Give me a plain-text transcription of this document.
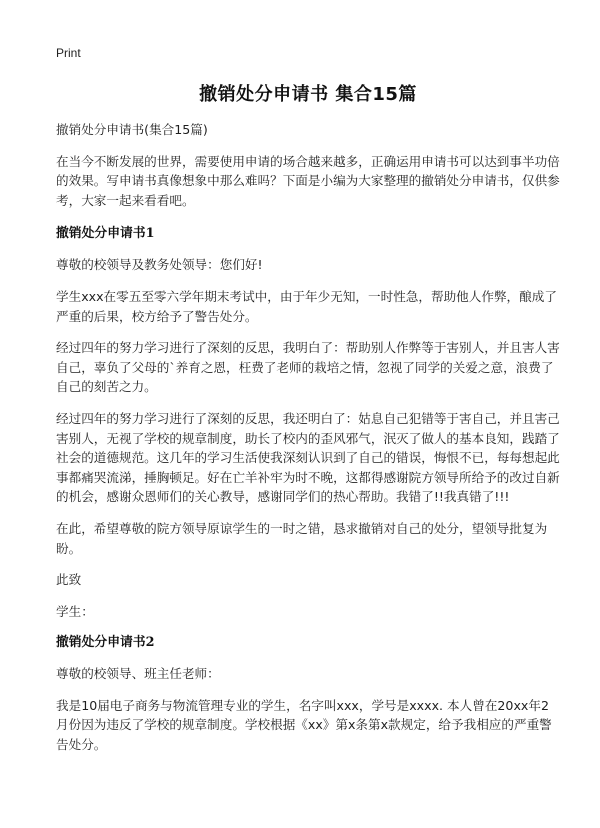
Print
撤销处分申请书 集合15篇

撤销处分申请书(集合15篇)

在当今不断发展的世界，需要使用申请的场合越来越多，正确运用申请书可以达到事半功倍的效果。写申请书真像想象中那么难吗？下面是小编为大家整理的撤销处分申请书，仅供参考，大家一起来看看吧。

撤销处分申请书1

尊敬的校领导及教务处领导：您们好!

学生xxx在零五至零六学年期末考试中，由于年少无知，一时性急，帮助他人作弊，酿成了严重的后果，校方给予了警告处分。

经过四年的努力学习进行了深刻的反思，我明白了：帮助别人作弊等于害别人，并且害人害自己，辜负了父母的`养育之恩，枉费了老师的栽培之情，忽视了同学的关爱之意，浪费了自己的刻苦之力。

经过四年的努力学习进行了深刻的反思，我还明白了：姑息自己犯错等于害自己，并且害己害别人，无视了学校的规章制度，助长了校内的歪风邪气，泯灭了做人的基本良知，践踏了社会的道德规范。这几年的学习生活使我深刻认识到了自己的错误，悔恨不已，每每想起此事都痛哭流涕，捶胸顿足。好在亡羊补牢为时不晚，这都得感谢院方领导所给予的改过自新的机会，感谢众恩师们的关心教导，感谢同学们的热心帮助。我错了!!我真错了!!!

在此，希望尊敬的院方领导原谅学生的一时之错，恳求撤销对自己的处分，望领导批复为盼。

此致

学生：

撤销处分申请书2

尊敬的校领导、班主任老师：

我是10届电子商务与物流管理专业的学生，名字叫xxx，学号是xxxx. 本人曾在20xx年2月份因为违反了学校的规章制度。学校根据《xx》第x条第x款规定，给予我相应的严重警告处分。
